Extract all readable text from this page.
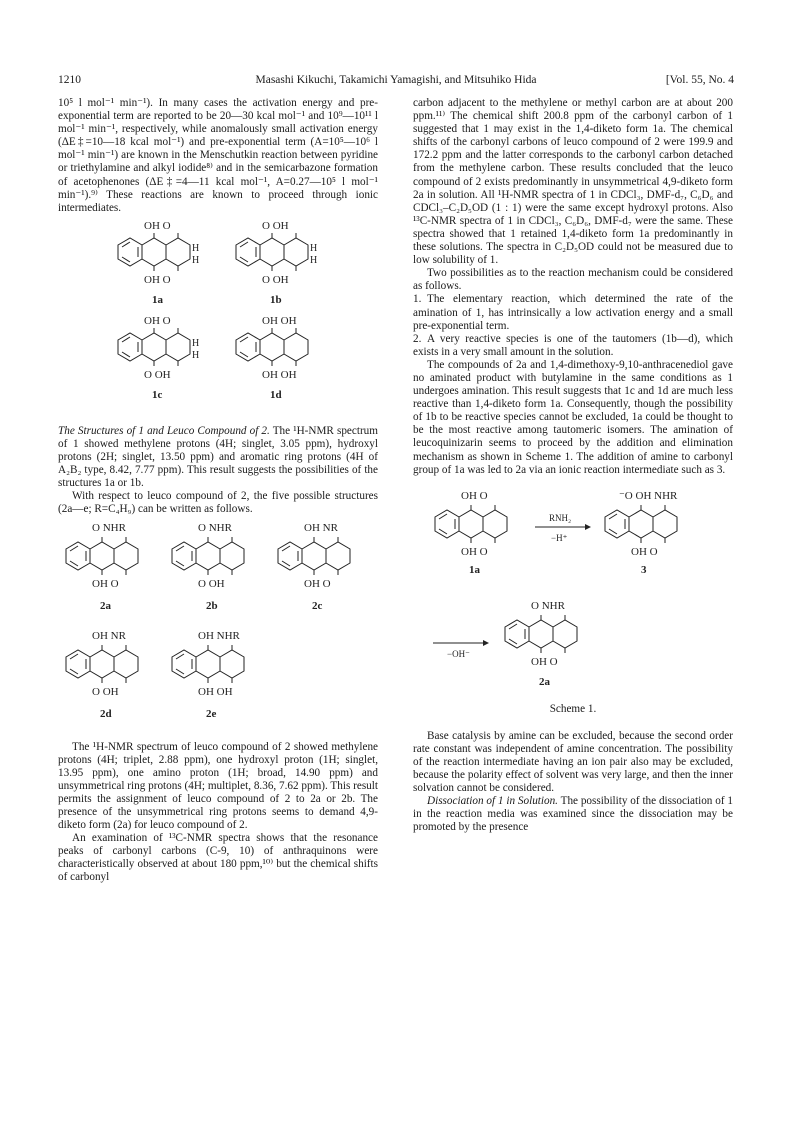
1210	Masashi Kikuchi, Takamichi Yamagishi, and Mitsuhiko Hida	[Vol. 55, No. 4

10⁵ l mol⁻¹ min⁻¹). In many cases the activation energy and pre-exponential term are reported to be 20—30 kcal mol⁻¹ and 10⁹—10¹¹ l mol⁻¹ min⁻¹, respectively, while anomalously small activation energy (ΔE‡=10—18 kcal mol⁻¹) and pre-exponential term (A=10⁵—10⁶ l mol⁻¹ min⁻¹) are known in the Menschutkin reaction between pyridine or triethylamine and alkyl iodide⁸⁾ and in the semicarbazone formation of acetophenones (ΔE‡=4—11 kcal mol⁻¹, A=0.27—10⁵ l mol⁻¹ min⁻¹).⁹⁾ These reactions are known to proceed through ionic intermediates.

H
H
H
H
H
H
OH O
OH O
O OH
O OH
OH O
O OH
OH OH
OH OH
1a	1b
1c	1d

The Structures of 1 and Leuco Compound of 2. The ¹H-NMR spectrum of 1 showed methylene protons (4H; singlet, 3.05 ppm), hydroxyl protons (2H; singlet, 13.50 ppm) and aromatic ring protons (4H of A₂B₂ type, 8.42, 7.77 ppm). This result suggests the possibilities of the structures 1a or 1b.

With respect to leuco compound of 2, the five possible structures (2a—e; R=C₄H₉) can be written as follows.

O NHR
OH O
O NHR
O OH
OH NR
OH O
OH NR
O OH
OH NHR
OH OH
2a	2b	2c
2d	2e

The ¹H-NMR spectrum of leuco compound of 2 showed methylene protons (4H; triplet, 2.88 ppm), one hydroxyl proton (1H; singlet, 13.95 ppm), one amino proton (1H; broad, 14.90 ppm) and unsymmetrical ring protons (4H; multiplet, 8.36, 7.62 ppm). This result permits the assignment of leuco compound of 2 to 2a or 2b. The presence of the unsymmetrical ring protons seems to demand 4,9-diketo form (2a) for leuco compound of 2.

An examination of ¹³C-NMR spectra shows that the resonance peaks of carbonyl carbons (C-9, 10) of anthraquinons were characteristically observed at about 180 ppm,¹⁰⁾ but the chemical shifts of carbonyl

carbon adjacent to the methylene or methyl carbon are at about 200 ppm.¹¹⁾ The chemical shift 200.8 ppm of the carbonyl carbon of 1 suggested that 1 may exist in the 1,4-diketo form 1a. The chemical shifts of the carbonyl carbons of leuco compound of 2 were 199.9 and 172.2 ppm and the latter corresponds to the carbonyl carbon detached from the methylene carbon. These results concluded that the leuco compound of 2 exists predominantly in unsymmetrical 4,9-diketo form 2a in solution. All ¹H-NMR spectra of 1 in CDCl₃, DMF-d₇, C₆D₆ and CDCl₃–C₂D₅OD (1 : 1) were the same except hydroxyl protons. Also ¹³C-NMR spectra of 1 in CDCl₃, C₆D₆, DMF-d₇ were the same. These spectra showed that 1 retained 1,4-diketo form 1a predominantly in these solutions. The spectra in C₂D₅OD could not be measured due to low solubility of 1.

Two possibilities as to the reaction mechanism could be considered as follows.

1. The elementary reaction, which determined the rate of the amination of 1, has intrinsically a low activation energy and a small pre-exponential term.

2. A very reactive species is one of the tautomers (1b—d), which exists in a very small amount in the solution.

The compounds of 2a and 1,4-dimethoxy-9,10-anthracenediol gave no aminated product with butylamine in the same conditions as 1 undergoes amination. This result suggests that 1c and 1d are much less reactive than 1,4-diketo form 1a. Consequently, though the possibility of 1b to be reactive species cannot be excluded, 1a could be thought to be the most reactive among tautomeric isomers. The amination of leucoquinizarin seems to proceed by the addition and elimination mechanism as shown in Scheme 1. The addition of amine to carbonyl group of 1a was led to 2a via an ionic reaction intermediate such as 3.

RNH₂
−H⁺
−OH⁻
OH O
OH O
⁻O OH NHR
OH O
O NHR
OH O
1a	3
2a

Scheme 1.

Base catalysis by amine can be excluded, because the second order rate constant was independent of amine concentration. The possibility of the reaction intermediate having an ion pair also may be excluded, because the polarity effect of solvent was very large, and then the inner solvation cannot be considered.

Dissociation of 1 in Solution. The possibility of the dissociation of 1 in the reaction media was examined since the dissociation may be promoted by the presence
